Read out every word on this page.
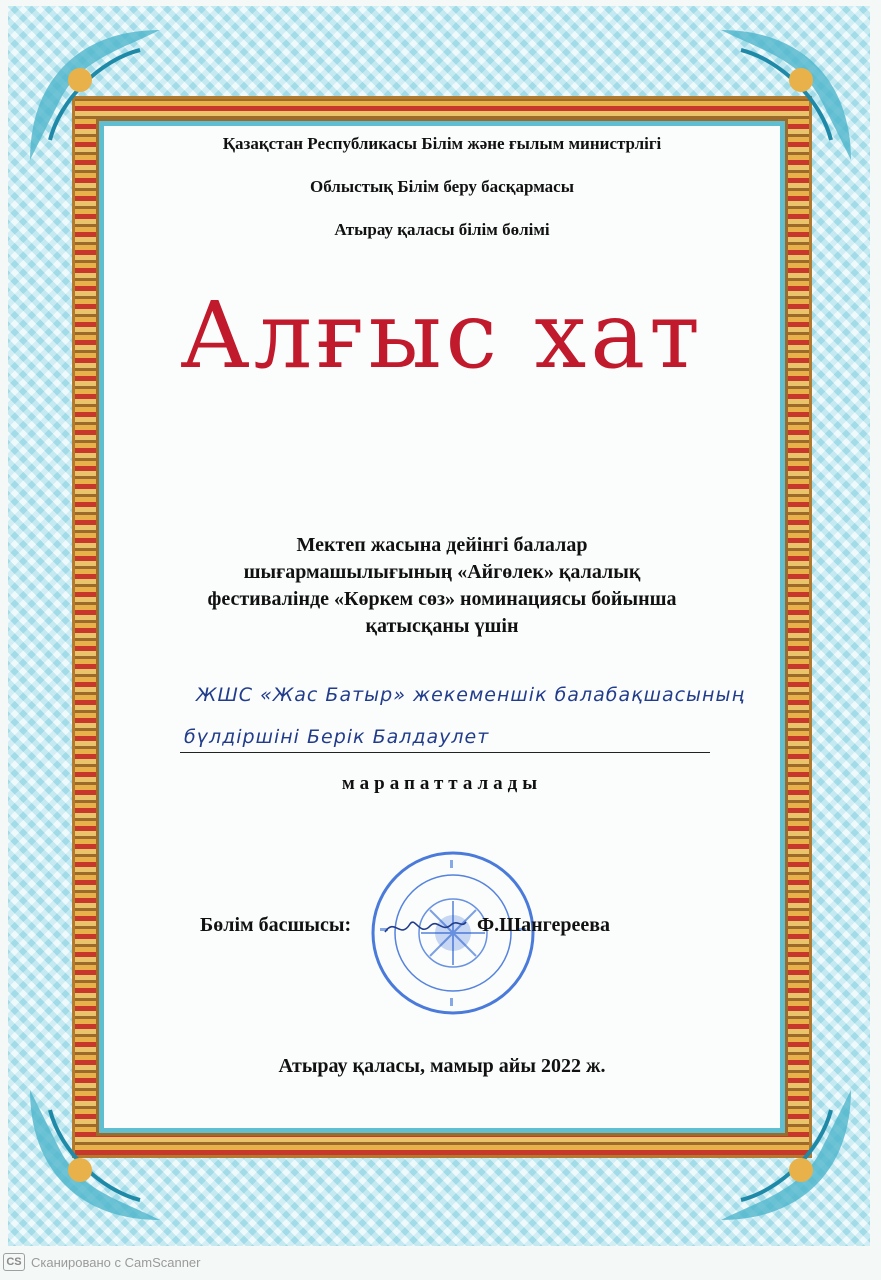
Қазақстан Республикасы Білім және ғылым министрлігі
Облыстық Білім беру басқармасы
Атырау қаласы білім бөлімі
Алғыс хат
Мектеп жасына дейінгі балалар
шығармашылығының «Айгөлек» қалалық
фестивалінде «Көркем сөз» номинациясы бойынша
қатысқаны үшін
ЖШС «Жас Батыр» жекеменшік балабақшасының
бүлдіршіні Берік Балдаулет
марапатталады
Бөлім басшысы:	Ф.Шангереева
Атырау қаласы, мамыр айы 2022 ж.
CS Сканировано с CamScanner
